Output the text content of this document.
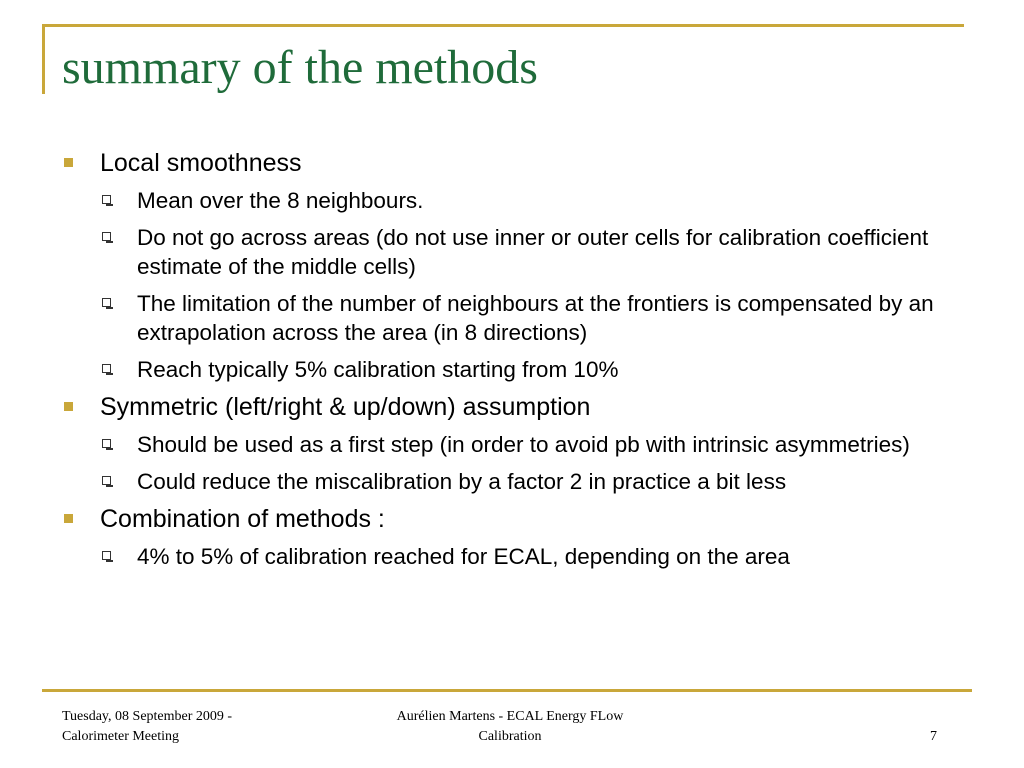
summary of the methods
Local smoothness
Mean over the 8 neighbours.
Do not go across areas (do not use inner or outer cells for calibration coefficient estimate of the middle cells)
The limitation of the number of neighbours at the frontiers is compensated by an extrapolation across the area (in 8 directions)
Reach typically 5% calibration starting from 10%
Symmetric (left/right & up/down) assumption
Should be used as a first step (in order to avoid pb with intrinsic asymmetries)
Could reduce the miscalibration by a factor 2 in practice a bit less
Combination of methods :
4% to 5% of calibration reached for ECAL, depending on the area
Tuesday, 08 September 2009 -
Calorimeter Meeting
Aurélien Martens - ECAL Energy FLow
Calibration	7
